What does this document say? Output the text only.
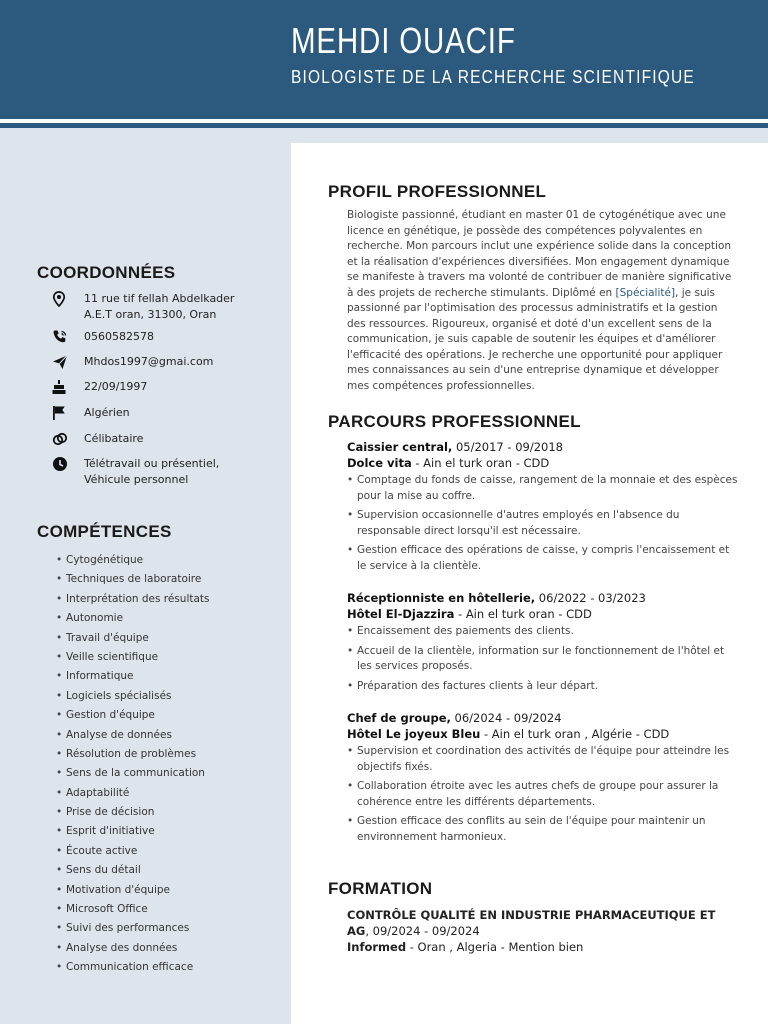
MEHDI OUACIF
BIOLOGISTE DE LA RECHERCHE SCIENTIFIQUE
COORDONNÉES
11 rue tif fellah Abdelkader A.E.T oran, 31300, Oran
0560582578
Mhdos1997@gmai.com
22/09/1997
Algérien
Célibataire
Télétravail ou présentiel, Véhicule personnel
COMPÉTENCES
• Cytogénétique
• Techniques de laboratoire
• Interprétation des résultats
• Autonomie
• Travail d'équipe
• Veille scientifique
• Informatique
• Logiciels spécialisés
• Gestion d'équipe
• Analyse de données
• Résolution de problèmes
• Sens de la communication
• Adaptabilité
• Prise de décision
• Esprit d'initiative
• Écoute active
• Sens du détail
• Motivation d'équipe
• Microsoft Office
• Suivi des performances
• Analyse des données
• Communication efficace
PROFIL PROFESSIONNEL
Biologiste passionné, étudiant en master 01 de cytogénétique avec une licence en génétique, je possède des compétences polyvalentes en recherche. Mon parcours inclut une expérience solide dans la conception et la réalisation d'expériences diversifiées. Mon engagement dynamique se manifeste à travers ma volonté de contribuer de manière significative à des projets de recherche stimulants. Diplômé en [Spécialité], je suis passionné par l'optimisation des processus administratifs et la gestion des ressources. Rigoureux, organisé et doté d'un excellent sens de la communication, je suis capable de soutenir les équipes et d'améliorer l'efficacité des opérations. Je recherche une opportunité pour appliquer mes connaissances au sein d'une entreprise dynamique et développer mes compétences professionnelles.
PARCOURS PROFESSIONNEL
Caissier central, 05/2017 - 09/2018
Dolce vita - Ain el turk oran - CDD
• Comptage du fonds de caisse, rangement de la monnaie et des espèces pour la mise au coffre.
• Supervision occasionnelle d'autres employés en l'absence du responsable direct lorsqu'il est nécessaire.
• Gestion efficace des opérations de caisse, y compris l'encaissement et le service à la clientèle.
Réceptionniste en hôtellerie, 06/2022 - 03/2023
Hôtel El-Djazzira - Ain el turk oran - CDD
• Encaissement des paiements des clients.
• Accueil de la clientèle, information sur le fonctionnement de l'hôtel et les services proposés.
• Préparation des factures clients à leur départ.
Chef de groupe, 06/2024 - 09/2024
Hôtel Le joyeux Bleu - Ain el turk oran , Algérie - CDD
• Supervision et coordination des activités de l'équipe pour atteindre les objectifs fixés.
• Collaboration étroite avec les autres chefs de groupe pour assurer la cohérence entre les différents départements.
• Gestion efficace des conflits au sein de l'équipe pour maintenir un environnement harmonieux.
FORMATION
CONTRÔLE QUALITÉ EN INDUSTRIE PHARMACEUTIQUE ET AG, 09/2024 - 09/2024
Informed - Oran , Algeria - Mention bien
